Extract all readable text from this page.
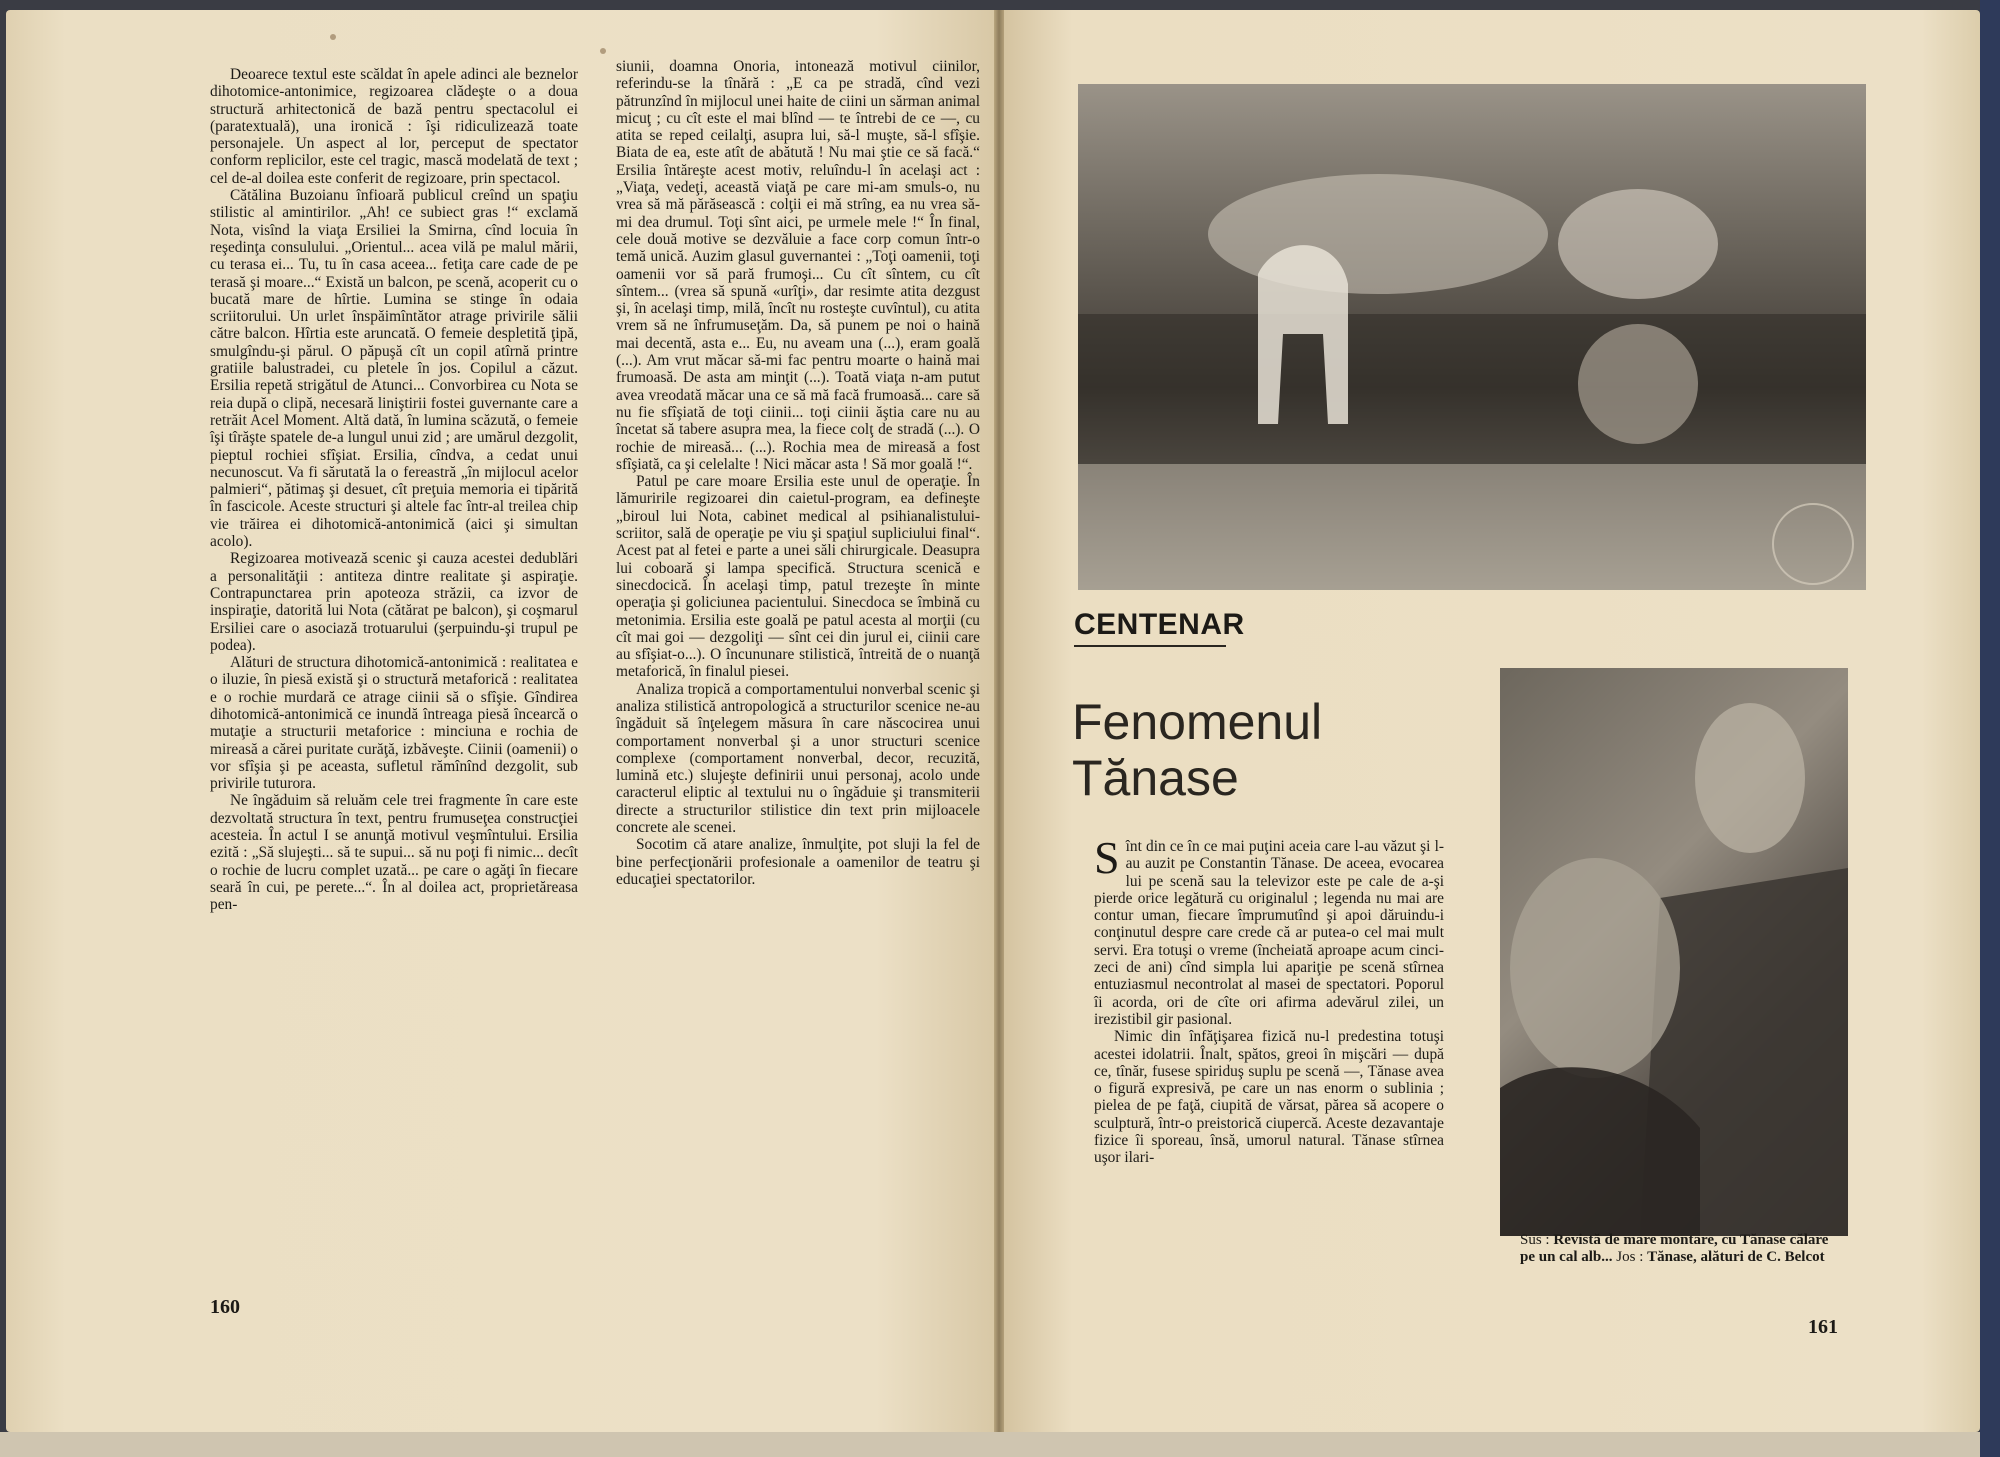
Deoarece textul este scăldat în apele adinci ale beznelor dihotomice-antonimice, regizoarea clădeşte o a doua structură arhitectonică de bază pentru spectacolul ei (paratextuală), una ironică : îşi ridiculizează toate personajele. Un aspect al lor, perceput de spectator conform replicilor, este cel tragic, mască modelată de text ; cel de-al doilea este conferit de regizoare, prin spectacol.

Cătălina Buzoianu înfioară publicul creînd un spaţiu stilistic al amintirilor. „Ah! ce subiect gras !“ exclamă Nota, visînd la viaţa Ersiliei la Smirna, cînd locuia în reşedinţa consulului. „Orientul... acea vilă pe malul mării, cu terasa ei... Tu, tu în casa aceea... fetiţa care cade de pe terasă şi moare...“ Există un balcon, pe scenă, acoperit cu o bucată mare de hîrtie. Lumina se stinge în odaia scriitorului. Un urlet înspăimîntător atrage privirile sălii către balcon. Hîrtia este aruncată. O femeie despletită ţipă, smulgîndu-şi părul. O păpuşă cît un copil atîrnă printre gratiile balustradei, cu pletele în jos. Copilul a căzut. Ersilia repetă strigătul de Atunci... Convorbirea cu Nota se reia după o clipă, necesară liniştirii fostei guvernante care a retrăit Acel Moment. Altă dată, în lumina scăzută, o femeie îşi tîrăşte spatele de-a lungul unui zid ; are umărul dezgolit, pieptul rochiei sfîşiat. Ersilia, cîndva, a cedat unui necunoscut. Va fi sărutată la o fereastră „în mijlocul acelor palmieri“, pătimaş şi desuet, cît preţuia memoria ei tipărită în fascicole. Aceste structuri şi altele fac într-al treilea chip vie trăirea ei dihotomică-antonimică (aici şi simultan acolo).

Regizoarea motivează scenic şi cauza acestei dedublări a personalităţii : antiteza dintre realitate şi aspiraţie. Contrapunctarea prin apoteoza străzii, ca izvor de inspiraţie, datorită lui Nota (cătărat pe balcon), şi coşmarul Ersiliei care o asociază trotuarului (şerpuindu-şi trupul pe podea).

Alături de structura dihotomică-antonimică : realitatea e o iluzie, în piesă există şi o structură metaforică : realitatea e o rochie murdară ce atrage ciinii să o sfîşie. Gîndirea dihotomică-antonimică ce inundă întreaga piesă încearcă o mutaţie a structurii metaforice : minciuna e rochia de mireasă a cărei puritate curăţă, izbăveşte. Ciinii (oamenii) o vor sfîşia şi pe aceasta, sufletul rămînînd dezgolit, sub privirile tuturora.

Ne îngăduim să reluăm cele trei fragmente în care este dezvoltată structura în text, pentru frumuseţea construcţiei acesteia. În actul I se anunţă motivul veşmîntului. Ersilia ezită : „Să slujeşti... să te supui... să nu poţi fi nimic... decît o rochie de lucru complet uzată... pe care o agăţi în fiecare seară în cui, pe perete...“. În al doilea act, proprietăreasa pen-

siunii, doamna Onoria, intonează motivul ciinilor, referindu-se la tînără : „E ca pe stradă, cînd vezi pătrunzînd în mijlocul unei haite de ciini un sărman animal micuţ ; cu cît este el mai blînd — te întrebi de ce —, cu atita se reped ceilalţi, asupra lui, să-l muşte, să-l sfîşie. Biata de ea, este atît de abătută ! Nu mai ştie ce să facă.“ Ersilia întăreşte acest motiv, reluîndu-l în acelaşi act : „Viaţa, vedeţi, această viaţă pe care mi-am smuls-o, nu vrea să mă părăsească : colţii ei mă strîng, ea nu vrea să-mi dea drumul. Toţi sînt aici, pe urmele mele !“ În final, cele două motive se dezvăluie a face corp comun într-o temă unică. Auzim glasul guvernantei : „Toţi oamenii, toţi oamenii vor să pară frumoşi... Cu cît sîntem, cu cît sîntem... (vrea să spună «urîţi», dar resimte atita dezgust şi, în acelaşi timp, milă, încît nu rosteşte cuvîntul), cu atita vrem să ne înfrumuseţăm. Da, să punem pe noi o haină mai decentă, asta e... Eu, nu aveam una (...), eram goală (...). Am vrut măcar să-mi fac pentru moarte o haină mai frumoasă. De asta am minţit (...). Toată viaţa n-am putut avea vreodată măcar una ce să mă facă frumoasă... care să nu fie sfîşiată de toţi ciinii... toţi ciinii ăştia care nu au încetat să tabere asupra mea, la fiece colţ de stradă (...). O rochie de mireasă... (...). Rochia mea de mireasă a fost sfîşiată, ca şi celelalte ! Nici măcar asta ! Să mor goală !“.

Patul pe care moare Ersilia este unul de operaţie. În lămuririle regizoarei din caietul-program, ea defineşte „biroul lui Nota, cabinet medical al psihianalistului-scriitor, sală de operaţie pe viu şi spaţiul supliciului final“. Acest pat al fetei e parte a unei săli chirurgicale. Deasupra lui coboară şi lampa specifică. Structura scenică e sinecdocică. În acelaşi timp, patul trezeşte în minte operaţia şi goliciunea pacientului. Sinecdoca se îmbină cu metonimia. Ersilia este goală pe patul acesta al morţii (cu cît mai goi — dezgoliţi — sînt cei din jurul ei, ciinii care au sfîşiat-o...). O încununare stilistică, întreită de o nuanţă metaforică, în finalul piesei.

Analiza tropică a comportamentului nonverbal scenic şi analiza stilistică antropologică a structurilor scenice ne-au îngăduit să înţelegem măsura în care născocirea unui comportament nonverbal şi a unor structuri scenice complexe (comportament nonverbal, decor, recuzită, lumină etc.) slujeşte definirii unui personaj, acolo unde caracterul eliptic al textului nu o îngăduie şi transmiterii directe a structurilor stilistice din text prin mijloacele concrete ale scenei.

Socotim că atare analize, înmulţite, pot sluji la fel de bine perfecţionării profesionale a oamenilor de teatru şi educaţiei spectatorilor.

160
CENTENAR
Fenomenul
Tănase

Sînt din ce în ce mai puţini aceia care l-au văzut şi l-au auzit pe Constantin Tănase. De aceea, evocarea lui pe scenă sau la televizor este pe cale de a-şi pierde orice legătură cu originalul ; legenda nu mai are contur uman, fiecare împrumutînd şi apoi dăruindu-i conţinutul despre care crede că ar putea-o cel mai mult servi. Era totuşi o vreme (încheiată aproape acum cinci-zeci de ani) cînd simpla lui apariţie pe scenă stîrnea entuziasmul necontrolat al masei de spectatori. Poporul îi acorda, ori de cîte ori afirma adevărul zilei, un irezistibil gir pasional.

Nimic din înfăţişarea fizică nu-l predestina totuşi acestei idolatrii. Înalt, spătos, greoi în mişcări — după ce, tînăr, fusese spiriduş suplu pe scenă —, Tănase avea o figură expresivă, pe care un nas enorm o sublinia ; pielea de pe faţă, ciupită de vărsat, părea să acopere o sculptură, într-o preistorică ciupercă. Aceste dezavantaje fizice îi sporeau, însă, umorul natural. Tănase stîrnea uşor ilari-

Sus : Revistă de mare montare, cu Tănase călare pe un cal alb... Jos : Tănase, alături de C. Belcot
161
